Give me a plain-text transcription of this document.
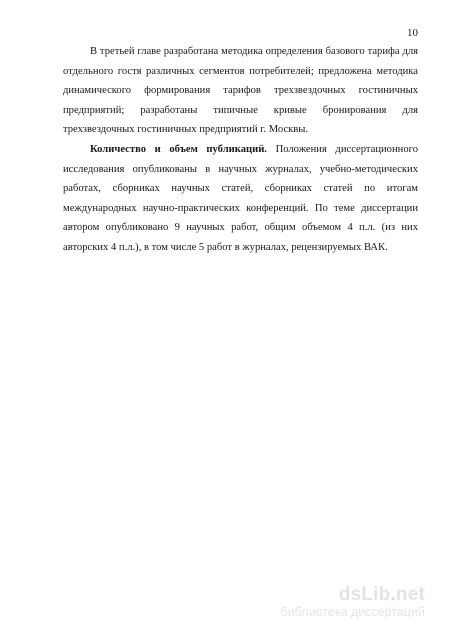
10

В третьей главе разработана методика определения базового тарифа для отдельного гостя различных сегментов потребителей; предложена методика динамического формирования тарифов трехзвездочных гостиничных предприятий; разработаны типичные кривые бронирования для трехзвездочных гостиничных предприятий г. Москвы.

Количество и объем публикаций. Положения диссертационного исследования опубликованы в научных журналах, учебно-методических работах, сборниках научных статей, сборниках статей по итогам международных научно-практических конференций. По теме диссертации автором опубликовано 9 научных работ, общим объемом 4 п.л. (из них авторских 4 п.л.), в том числе 5 работ в журналах, рецензируемых ВАК.

dsLib.net
библиотека диссертаций
